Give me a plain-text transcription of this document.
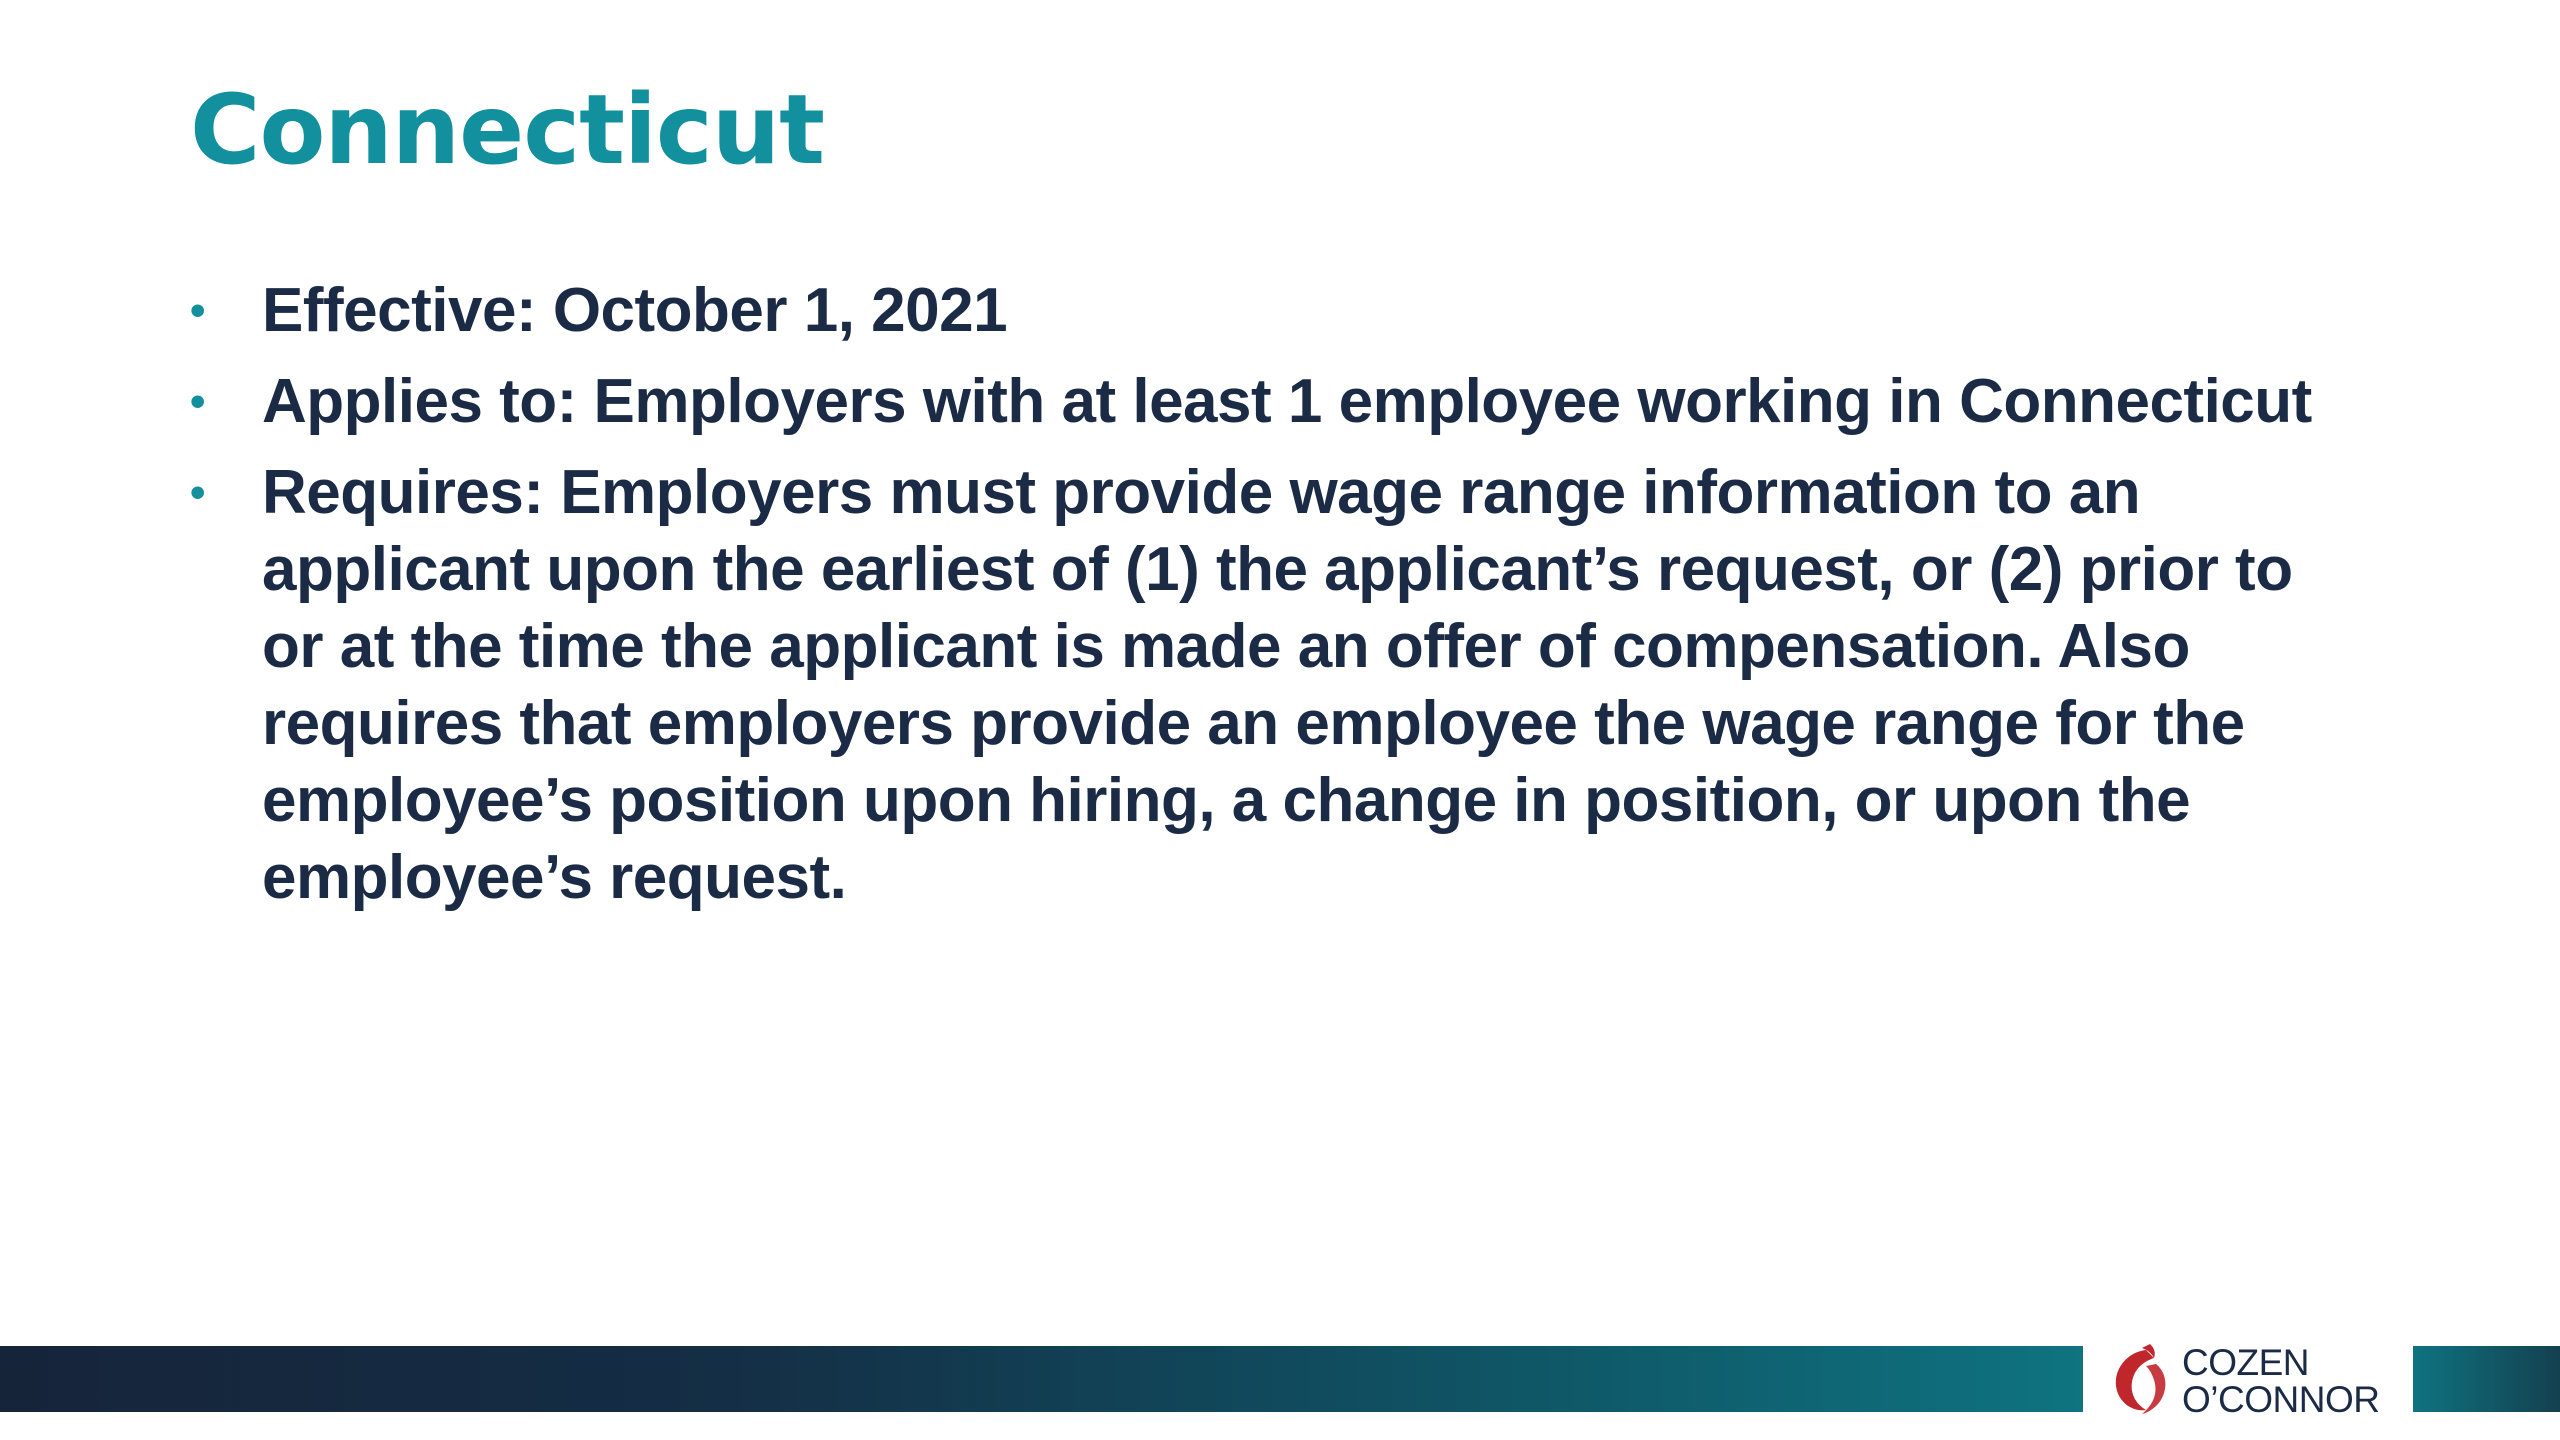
Connecticut
• Effective: October 1, 2021
• Applies to: Employers with at least 1 employee working in Connecticut
• Requires: Employers must provide wage range information to an applicant upon the earliest of (1) the applicant’s request, or (2) prior to or at the time the applicant is made an offer of compensation. Also requires that employers provide an employee the wage range for the employee’s position upon hiring, a change in position, or upon the employee’s request.
COZEN
O’CONNOR
